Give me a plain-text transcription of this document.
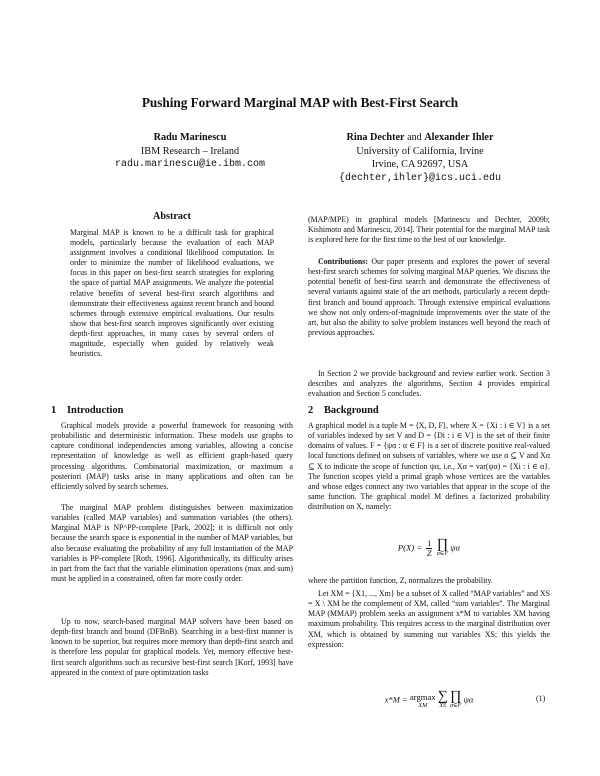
Pushing Forward Marginal MAP with Best-First Search
Radu Marinescu
IBM Research – Ireland
radu.marinescu@ie.ibm.com
Rina Dechter and Alexander Ihler
University of California, Irvine
Irvine, CA 92697, USA
{dechter,ihler}@ics.uci.edu
Abstract
Marginal MAP is known to be a difficult task for graphical models, particularly because the evaluation of each MAP assignment involves a conditional likelihood computation. In order to minimize the number of likelihood evaluations, we focus in this paper on best-first search strategies for exploring the space of partial MAP assignments. We analyze the potential relative benefits of several best-first search algorithms and demonstrate their effectiveness against recent branch and bound schemes through extensive empirical evaluations. Our results show that best-first search improves significantly over existing depth-first approaches, in many cases by several orders of magnitude, especially when guided by relatively weak heuristics.
1 Introduction
Graphical models provide a powerful framework for reasoning with probabilistic and deterministic information. These models use graphs to capture conditional independencies among variables, allowing a concise representation of knowledge as well as efficient graph-based query processing algorithms. Combinatorial maximization, or maximum a posteriori (MAP) tasks arise in many applications and often can be efficiently solved by search schemes.
The marginal MAP problem distinguishes between maximization variables (called MAP variables) and summation variables (the others). Marginal MAP is NP^PP-complete [Park, 2002]; it is difficult not only because the search space is exponential in the number of MAP variables, but also because evaluating the probability of any full instantiation of the MAP variables is PP-complete [Roth, 1996]. Algorithmically, its difficulty arises in part from the fact that the variable elimination operations (max and sum) must be applied in a constrained, often far more costly order.
Up to now, search-based marginal MAP solvers have been based on depth-first branch and bound (DFBnB). Searching in a best-first manner is known to be superior, but requires more memory than depth-first search and is therefore less popular for graphical models. Yet, memory effective best-first search algorithms such as recursive best-first search [Korf, 1993] have appeared in the context of pure optimization tasks
(MAP/MPE) in graphical models [Marinescu and Dechter, 2009b; Kishimoto and Marinescu, 2014]. Their potential for the marginal MAP task is explored here for the first time to the best of our knowledge.
Contributions: Our paper presents and explores the power of several best-first search schemes for solving marginal MAP queries. We discuss the potential benefit of best-first search and demonstrate the effectiveness of several variants against state of the art methods, particularly a recent depth-first branch and bound approach. Through extensive empirical evaluations we show not only orders-of-magnitude improvements over the state of the art, but also the ability to solve problem instances well beyond the reach of previous approaches.
In Section 2 we provide background and review earlier work. Section 3 describes and analyzes the algorithms, Section 4 provides empirical evaluation and Section 5 concludes.
2 Background
A graphical model is a tuple M = ⟨X, D, F⟩, where X = {Xi : i ∈ V} is a set of variables indexed by set V and D = {Di : i ∈ V} is the set of their finite domains of values. F = {ψα : α ∈ F} is a set of discrete positive real-valued local functions defined on subsets of variables, where we use α ⊆ V and Xα ⊆ X to indicate the scope of function ψα, i.e., Xα = var(ψα) = {Xi : i ∈ α}. The function scopes yield a primal graph whose vertices are the variables and whose edges connect any two variables that appear in the scope of the same function. The graphical model M defines a factorized probability distribution on X, namely:
$P(X) = \frac{1}{Z}$ ∏
α∈F
ψα
where the partition function, Z, normalizes the probability.
Let XM = {X1, ..., Xm} be a subset of X called “MAP variables” and XS = X \ XM be the complement of XM, called “sum variables”. The Marginal MAP (MMAP) problem seeks an assignment x*M to variables XM having maximum probability. This requires access to the marginal distribution over XM, which is obtained by summing out variables XS; this yields the expression:
x*M = argmax
XM
∑
XS
∏
α∈F
ψα	(1)
